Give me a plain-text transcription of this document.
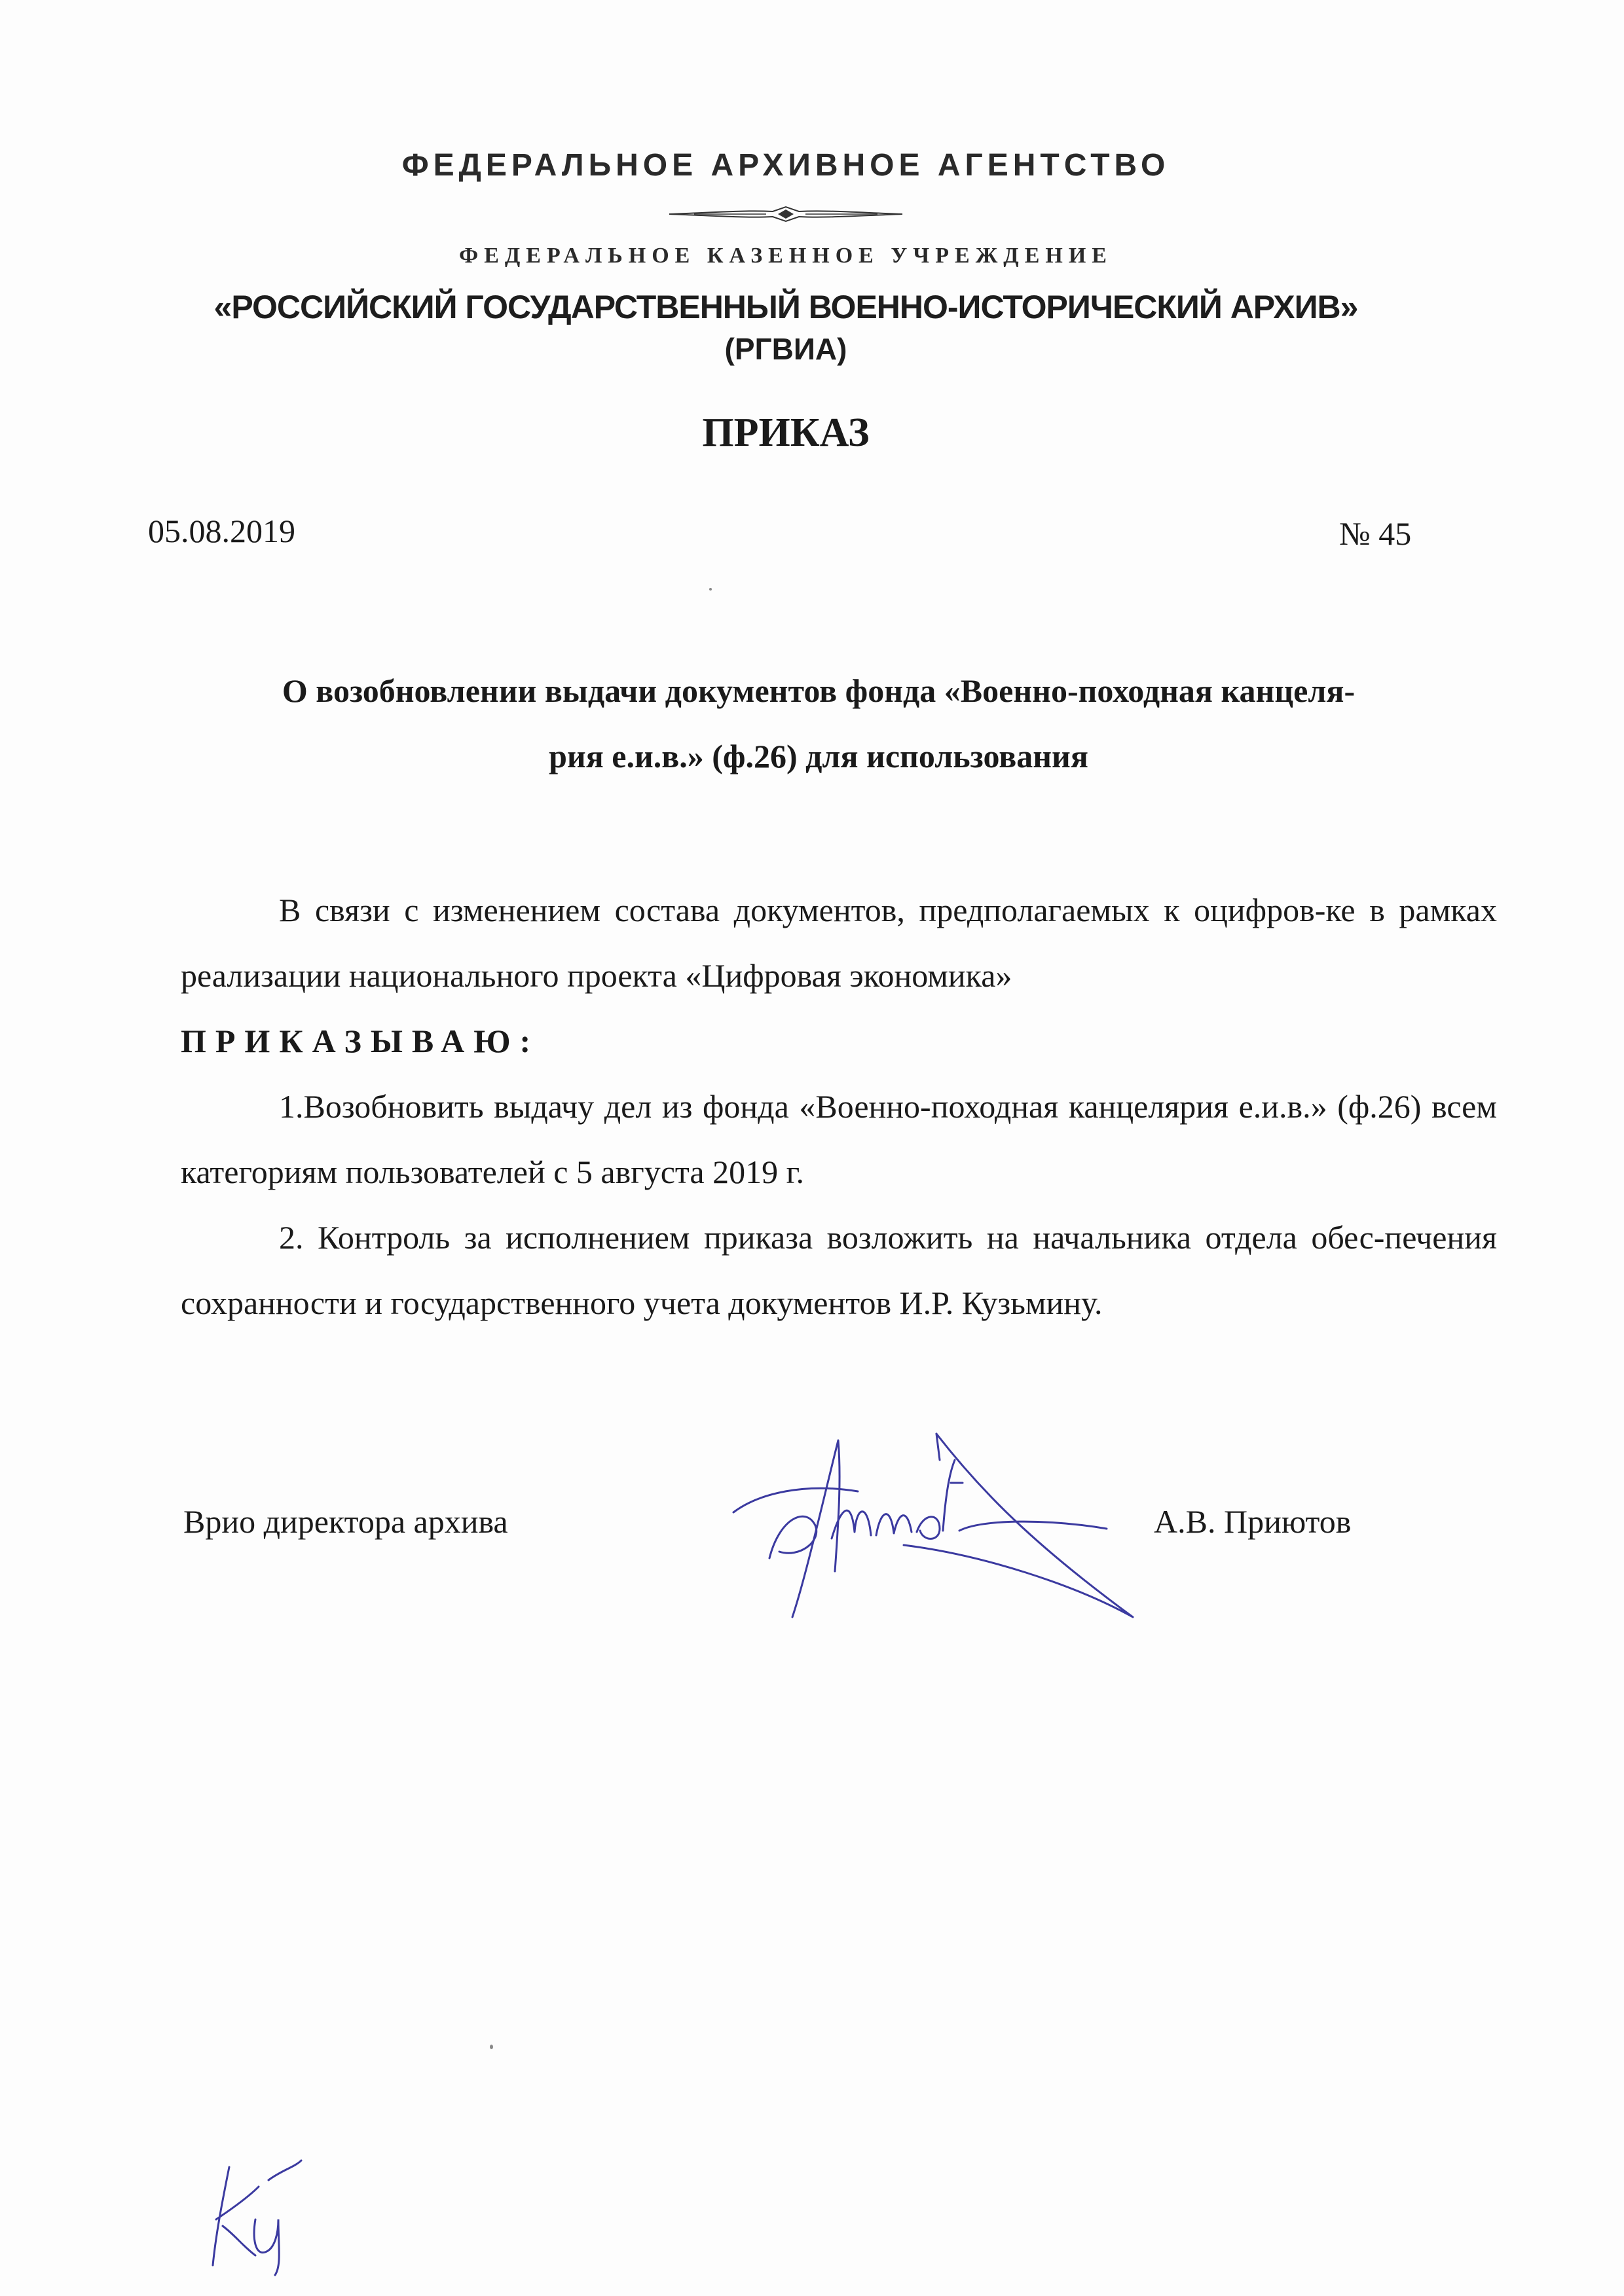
ФЕДЕРАЛЬНОЕ АРХИВНОЕ АГЕНТСТВО
ФЕДЕРАЛЬНОЕ КАЗЕННОЕ УЧРЕЖДЕНИЕ
«РОССИЙСКИЙ ГОСУДАРСТВЕННЫЙ ВОЕННО-ИСТОРИЧЕСКИЙ АРХИВ»
(РГВИА)
ПРИКАЗ
05.08.2019	№ 45
О возобновлении выдачи документов фонда «Военно-походная канцеля-
рия е.и.в.» (ф.26) для использования
В связи с изменением состава документов, предполагаемых к оцифров-ке в рамках реализации национального проекта «Цифровая экономика»
ПРИКАЗЫВАЮ:
1.Возобновить выдачу дел из фонда «Военно-походная канцелярия е.и.в.» (ф.26) всем категориям пользователей с 5 августа 2019 г.
2. Контроль за исполнением приказа возложить на начальника отдела обес-печения сохранности и государственного учета документов И.Р. Кузьмину.
Врио директора архива	А.В. Приютов
